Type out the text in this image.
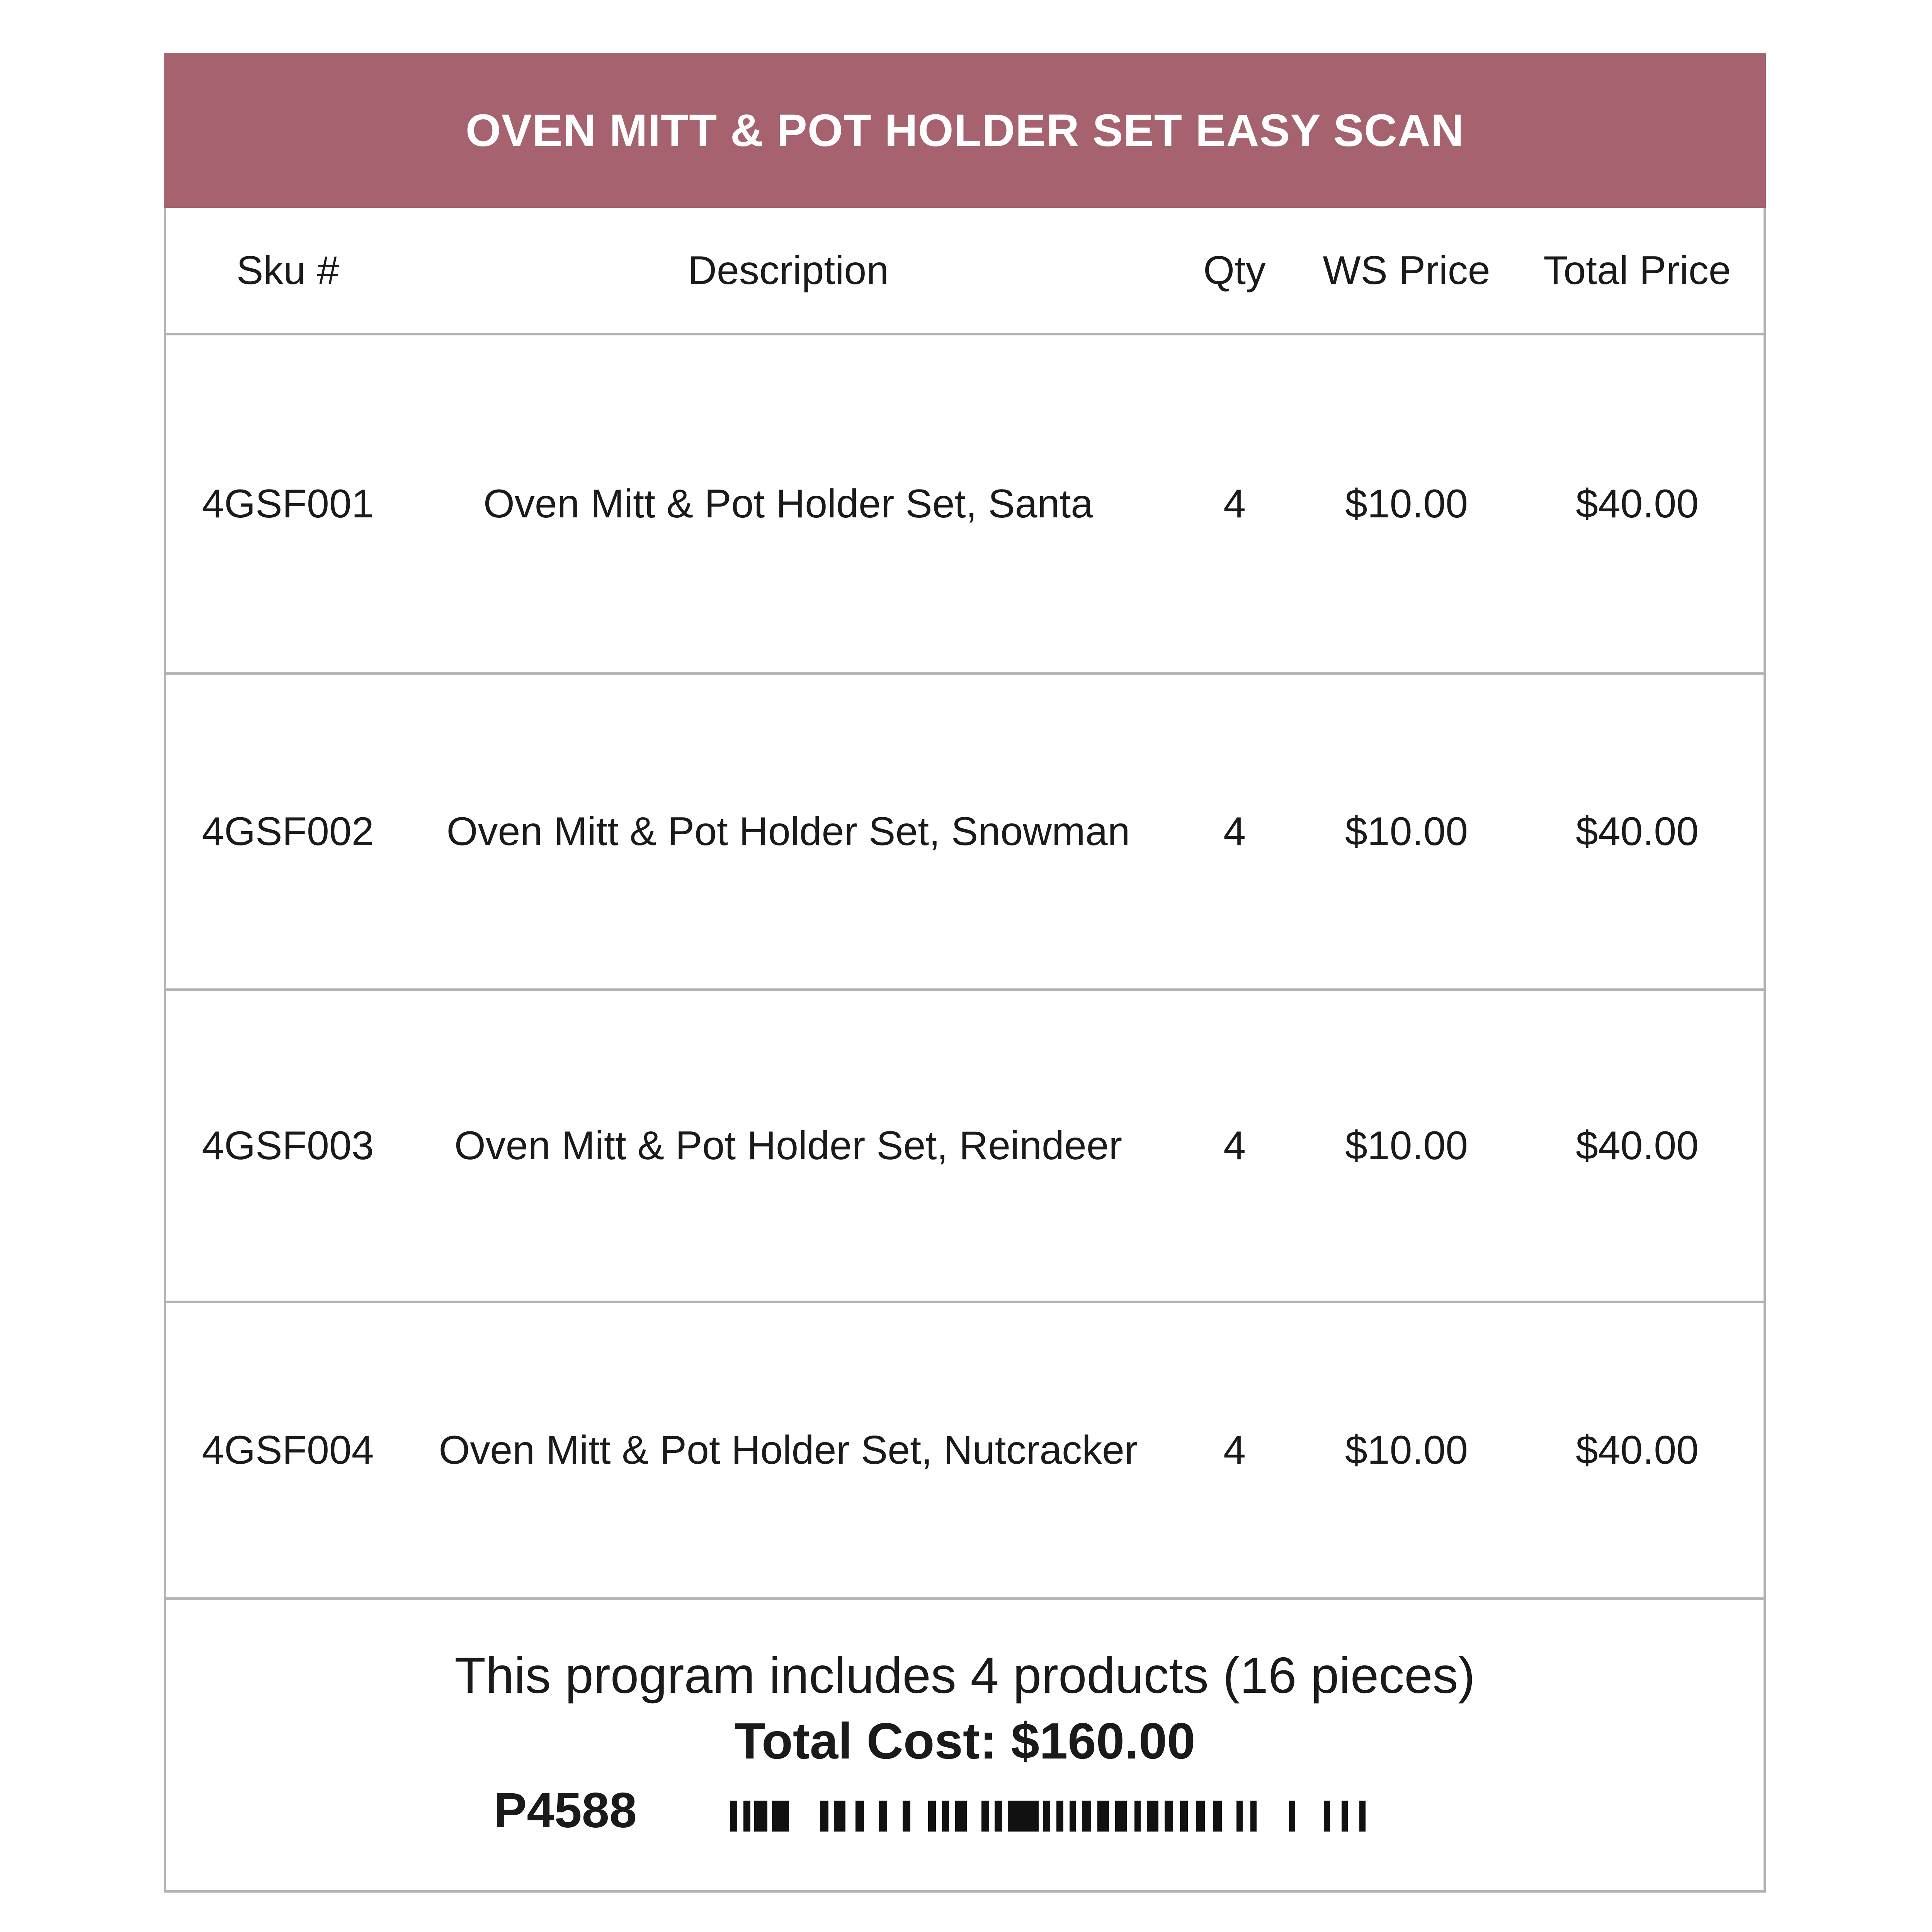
OVEN MITT & POT HOLDER SET EASY SCAN
Sku #	Description	Qty	WS Price	Total Price
4GSF001	Oven Mitt & Pot Holder Set, Santa	4	$10.00	$40.00
4GSF002	Oven Mitt & Pot Holder Set, Snowman	4	$10.00	$40.00
4GSF003	Oven Mitt & Pot Holder Set, Reindeer	4	$10.00	$40.00
4GSF004	Oven Mitt & Pot Holder Set, Nutcracker	4	$10.00	$40.00
This program includes 4 products (16 pieces)
Total Cost: $160.00
P4588
